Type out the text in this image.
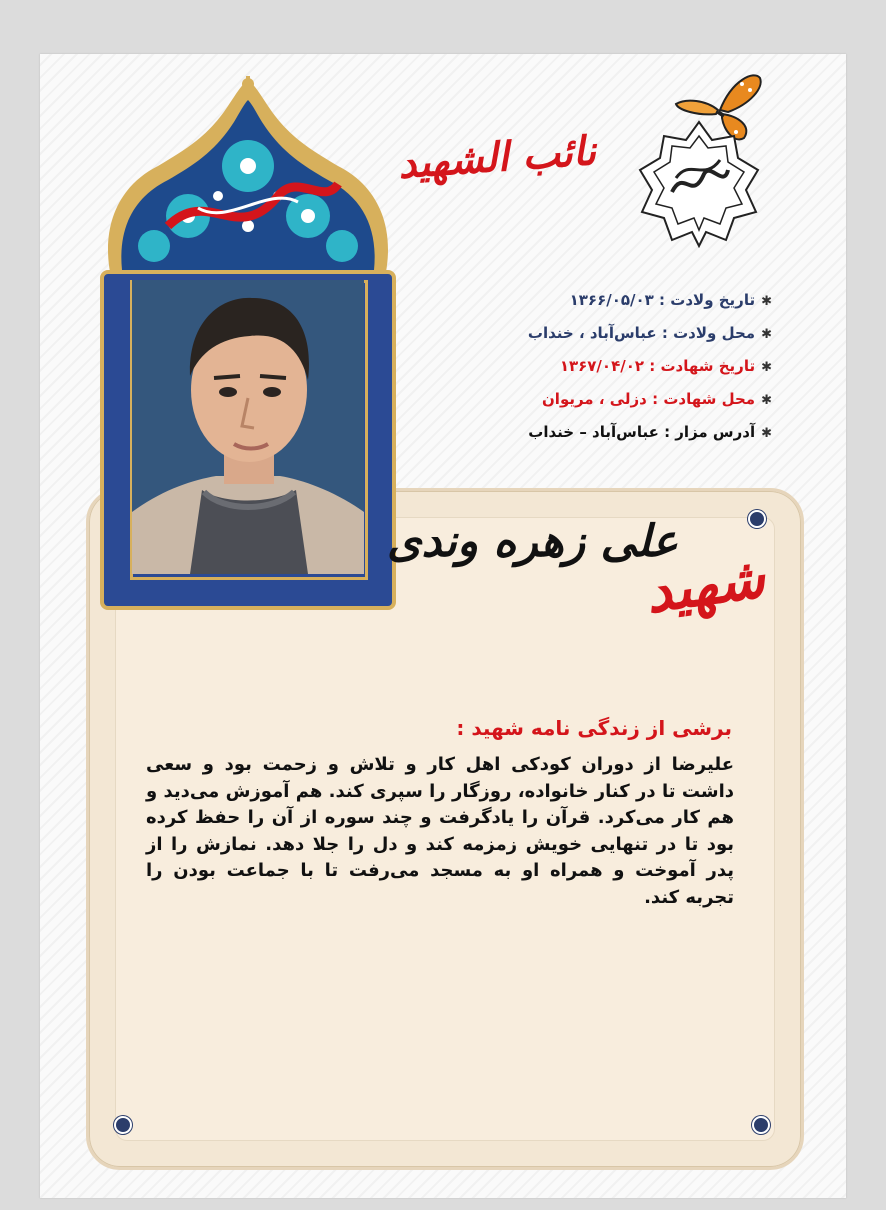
نائب الشهید
✱تاریخ ولادت : ۱۳۶۶/۰۵/۰۳
✱محل ولادت : عباس‌آباد ، خنداب
✱تاریخ شهادت : ۱۳۶۷/۰۴/۰۲
✱محل شهادت : دزلی ، مریوان
✱آدرس مزار : عباس‌آباد – خنداب
علی زهره وندی
شهید
برشی از زندگی نامه شهید :
علیرضا از دوران کودکی اهل کار و تلاش و زحمت بود و سعی داشت تا در کنار خانواده، روزگار را سپری کند. هم آموزش می‌دید و هم کار می‌کرد. قرآن را یادگرفت و چند سوره از آن را حفظ کرده بود تا در تنهایی خویش زمزمه کند و دل را جلا دهد. نمازش را از پدر آموخت و همراه او به مسجد می‌رفت تا با جماعت بودن را تجربه کند.
